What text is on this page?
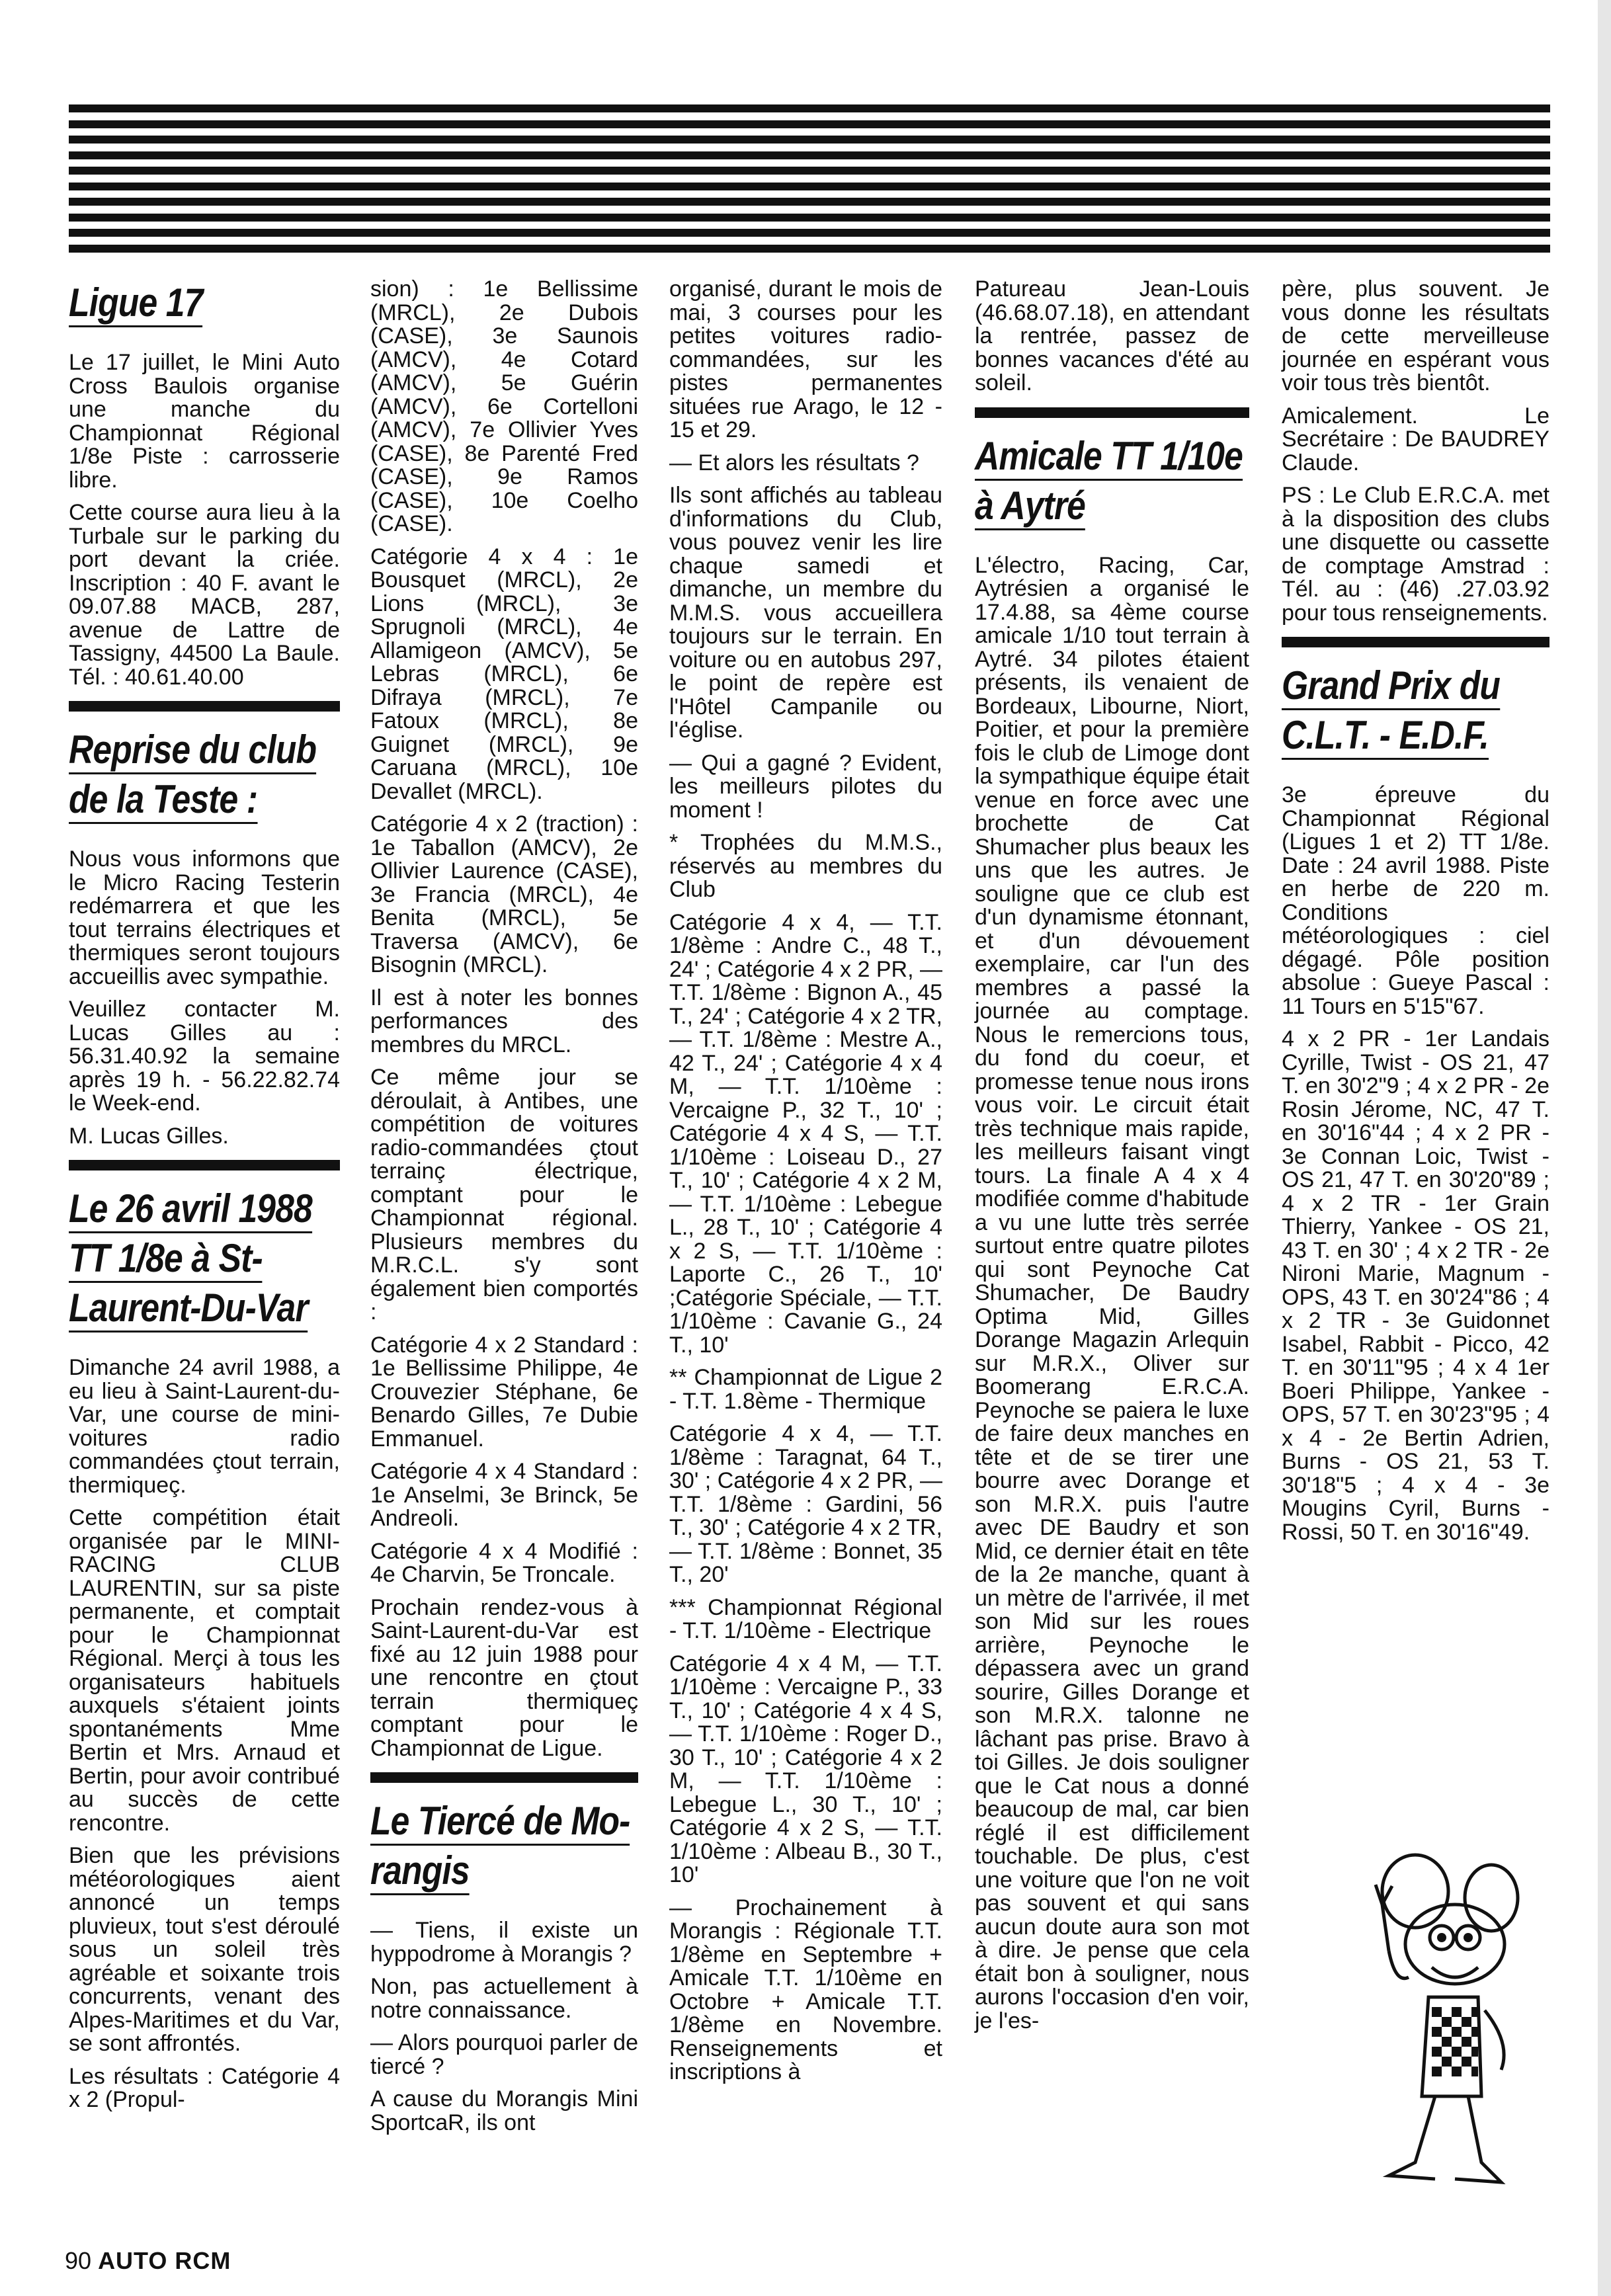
Ligue 17

Le 17 juillet, le Mini Auto Cross Baulois organise une manche du Championnat Régional 1/8e Piste : carrosserie libre.

Cette course aura lieu à la Turbale sur le parking du port devant la criée. Inscription : 40 F. avant le 09.07.88 MACB, 287, avenue de Lattre de Tassigny, 44500 La Baule. Tél. : 40.61.40.00

Reprise du club
de la Teste :

Nous vous informons que le Micro Racing Testerin redémarrera et que les tout terrains électriques et thermiques seront toujours accueillis avec sympathie.

Veuillez contacter M. Lucas Gilles au : 56.31.40.92 la semaine après 19 h. - 56.22.82.74 le Week-end.

M. Lucas Gilles.

Le 26 avril 1988
TT 1/8e à St-
Laurent-Du-Var

Dimanche 24 avril 1988, a eu lieu à Saint-Laurent-du-Var, une course de mini-voitures radio commandées çtout terrain, thermiqueç.

Cette compétition était organisée par le MINI-RACING CLUB LAURENTIN, sur sa piste permanente, et comptait pour le Championnat Régional. Merçi à tous les organisateurs habituels auxquels s'étaient joints spontanéments Mme Bertin et Mrs. Arnaud et Bertin, pour avoir contribué au succès de cette rencontre.

Bien que les prévisions météorologiques aient annoncé un temps pluvieux, tout s'est déroulé sous un soleil très agréable et soixante trois concurrents, venant des Alpes-Maritimes et du Var, se sont affrontés.

Les résultats : Catégorie 4 x 2 (Propul-

sion) : 1e Bellissime (MRCL), 2e Dubois (CASE), 3e Saunois (AMCV), 4e Cotard (AMCV), 5e Guérin (AMCV), 6e Cortelloni (AMCV), 7e Ollivier Yves (CASE), 8e Parenté Fred (CASE), 9e Ramos (CASE), 10e Coelho (CASE).

Catégorie 4 x 4 : 1e Bousquet (MRCL), 2e Lions (MRCL), 3e Sprugnoli (MRCL), 4e Allamigeon (AMCV), 5e Lebras (MRCL), 6e Difraya (MRCL), 7e Fatoux (MRCL), 8e Guignet (MRCL), 9e Caruana (MRCL), 10e Devallet (MRCL).

Catégorie 4 x 2 (traction) : 1e Taballon (AMCV), 2e Ollivier Laurence (CASE), 3e Francia (MRCL), 4e Benita (MRCL), 5e Traversa (AMCV), 6e Bisognin (MRCL).

Il est à noter les bonnes performances des membres du MRCL.

Ce même jour se déroulait, à Antibes, une compétition de voitures radio-commandées çtout terrainç électrique, comptant pour le Championnat régional. Plusieurs membres du M.R.C.L. s'y sont également bien comportés :

Catégorie 4 x 2 Standard : 1e Bellissime Philippe, 4e Crouvezier Stéphane, 6e Benardo Gilles, 7e Dubie Emmanuel.

Catégorie 4 x 4 Standard : 1e Anselmi, 3e Brinck, 5e Andreoli.

Catégorie 4 x 4 Modifié : 4e Charvin, 5e Troncale.

Prochain rendez-vous à Saint-Laurent-du-Var est fixé au 12 juin 1988 pour une rencontre en çtout terrain thermiqueç comptant pour le Championnat de Ligue.

Le Tiercé de Mo-
rangis

— Tiens, il existe un hyppodrome à Morangis ?

Non, pas actuellement à notre connaissance.

— Alors pourquoi parler de tiercé ?

A cause du Morangis Mini SportcaR, ils ont

organisé, durant le mois de mai, 3 courses pour les petites voitures radio-commandées, sur les pistes permanentes situées rue Arago, le 12 - 15 et 29.

— Et alors les résultats ?

Ils sont affichés au tableau d'informations du Club, vous pouvez venir les lire chaque samedi et dimanche, un membre du M.M.S. vous accueillera toujours sur le terrain. En voiture ou en autobus 297, le point de repère est l'Hôtel Campanile ou l'église.

— Qui a gagné ? Evident, les meilleurs pilotes du moment !

* Trophées du M.M.S., réservés au membres du Club

Catégorie 4 x 4, — T.T. 1/8ème : Andre C., 48 T., 24' ; Catégorie 4 x 2 PR, — T.T. 1/8ème : Bignon A., 45 T., 24' ; Catégorie 4 x 2 TR, — T.T. 1/8ème : Mestre A., 42 T., 24' ; Catégorie 4 x 4 M, — T.T. 1/10ème : Vercaigne P., 32 T., 10' ; Catégorie 4 x 4 S, — T.T. 1/10ème : Loiseau D., 27 T., 10' ; Catégorie 4 x 2 M, — T.T. 1/10ème : Lebegue L., 28 T., 10' ; Catégorie 4 x 2 S, — T.T. 1/10ème : Laporte C., 26 T., 10' ;Catégorie Spéciale, — T.T. 1/10ème : Cavanie G., 24 T., 10'

** Championnat de Ligue 2 - T.T. 1.8ème - Thermique

Catégorie 4 x 4, — T.T. 1/8ème : Taragnat, 64 T., 30' ; Catégorie 4 x 2 PR, — T.T. 1/8ème : Gardini, 56 T., 30' ; Catégorie 4 x 2 TR, — T.T. 1/8ème : Bonnet, 35 T., 20'

*** Championnat Régional - T.T. 1/10ème - Electrique

Catégorie 4 x 4 M, — T.T. 1/10ème : Vercaigne P., 33 T., 10' ; Catégorie 4 x 4 S, — T.T. 1/10ème : Roger D., 30 T., 10' ; Catégorie 4 x 2 M, — T.T. 1/10ème : Lebegue L., 30 T., 10' ; Catégorie 4 x 2 S, — T.T. 1/10ème : Albeau B., 30 T., 10'

— Prochainement à Morangis : Régionale T.T. 1/8ème en Septembre + Amicale T.T. 1/10ème en Octobre + Amicale T.T. 1/8ème en Novembre. Renseignements et inscriptions à

Patureau Jean-Louis (46.68.07.18), en attendant la rentrée, passez de bonnes vacances d'été au soleil.

Amicale TT 1/10e
à Aytré

L'électro, Racing, Car, Aytrésien a organisé le 17.4.88, sa 4ème course amicale 1/10 tout terrain à Aytré. 34 pilotes étaient présents, ils venaient de Bordeaux, Libourne, Niort, Poitier, et pour la première fois le club de Limoge dont la sympathique équipe était venue en force avec une brochette de Cat Shumacher plus beaux les uns que les autres. Je souligne que ce club est d'un dynamisme étonnant, et d'un dévouement exemplaire, car l'un des membres a passé la journée au comptage. Nous le remercions tous, du fond du coeur, et promesse tenue nous irons vous voir. Le circuit était très technique mais rapide, les meilleurs faisant vingt tours. La finale A 4 x 4 modifiée comme d'habitude a vu une lutte très serrée surtout entre quatre pilotes qui sont Peynoche Cat Shumacher, De Baudry Optima Mid, Gilles Dorange Magazin Arlequin sur M.R.X., Oliver sur Boomerang E.R.C.A. Peynoche se paiera le luxe de faire deux manches en tête et de se tirer une bourre avec Dorange et son M.R.X. puis l'autre avec DE Baudry et son Mid, ce dernier était en tête de la 2e manche, quant à un mètre de l'arrivée, il met son Mid sur les roues arrière, Peynoche le dépassera avec un grand sourire, Gilles Dorange et son M.R.X. talonne ne lâchant pas prise. Bravo à toi Gilles. Je dois souligner que le Cat nous a donné beaucoup de mal, car bien réglé il est difficilement touchable. De plus, c'est une voiture que l'on ne voit pas souvent et qui sans aucun doute aura son mot à dire. Je pense que cela était bon à souligner, nous aurons l'occasion d'en voir, je l'es-

père, plus souvent. Je vous donne les résultats de cette merveilleuse journée en espérant vous voir tous très bientôt.

Amicalement. Le Secrétaire : De BAUDREY Claude.

PS : Le Club E.R.C.A. met à la disposition des clubs une disquette ou cassette de comptage Amstrad : Tél. au : (46) .27.03.92 pour tous renseignements.

Grand Prix du
C.L.T. - E.D.F.

3e épreuve du Championnat Régional (Ligues 1 et 2) TT 1/8e. Date : 24 avril 1988. Piste en herbe de 220 m. Conditions météorologiques : ciel dégagé. Pôle position absolue : Gueye Pascal : 11 Tours en 5'15"67.

4 x 2 PR - 1er Landais Cyrille, Twist - OS 21, 47 T. en 30'2"9 ; 4 x 2 PR - 2e Rosin Jérome, NC, 47 T. en 30'16"44 ; 4 x 2 PR - 3e Connan Loic, Twist - OS 21, 47 T. en 30'20"89 ; 4 x 2 TR - 1er Grain Thierry, Yankee - OS 21, 43 T. en 30' ; 4 x 2 TR - 2e Nironi Marie, Magnum - OPS, 43 T. en 30'24"86 ; 4 x 2 TR - 3e Guidonnet Isabel, Rabbit - Picco, 42 T. en 30'11"95 ; 4 x 4 1er Boeri Philippe, Yankee - OPS, 57 T. en 30'23"95 ; 4 x 4 - 2e Bertin Adrien, Burns - OS 21, 53 T. 30'18"5 ; 4 x 4 - 3e Mougins Cyril, Burns - Rossi, 50 T. en 30'16"49.

90 AUTO RCM
